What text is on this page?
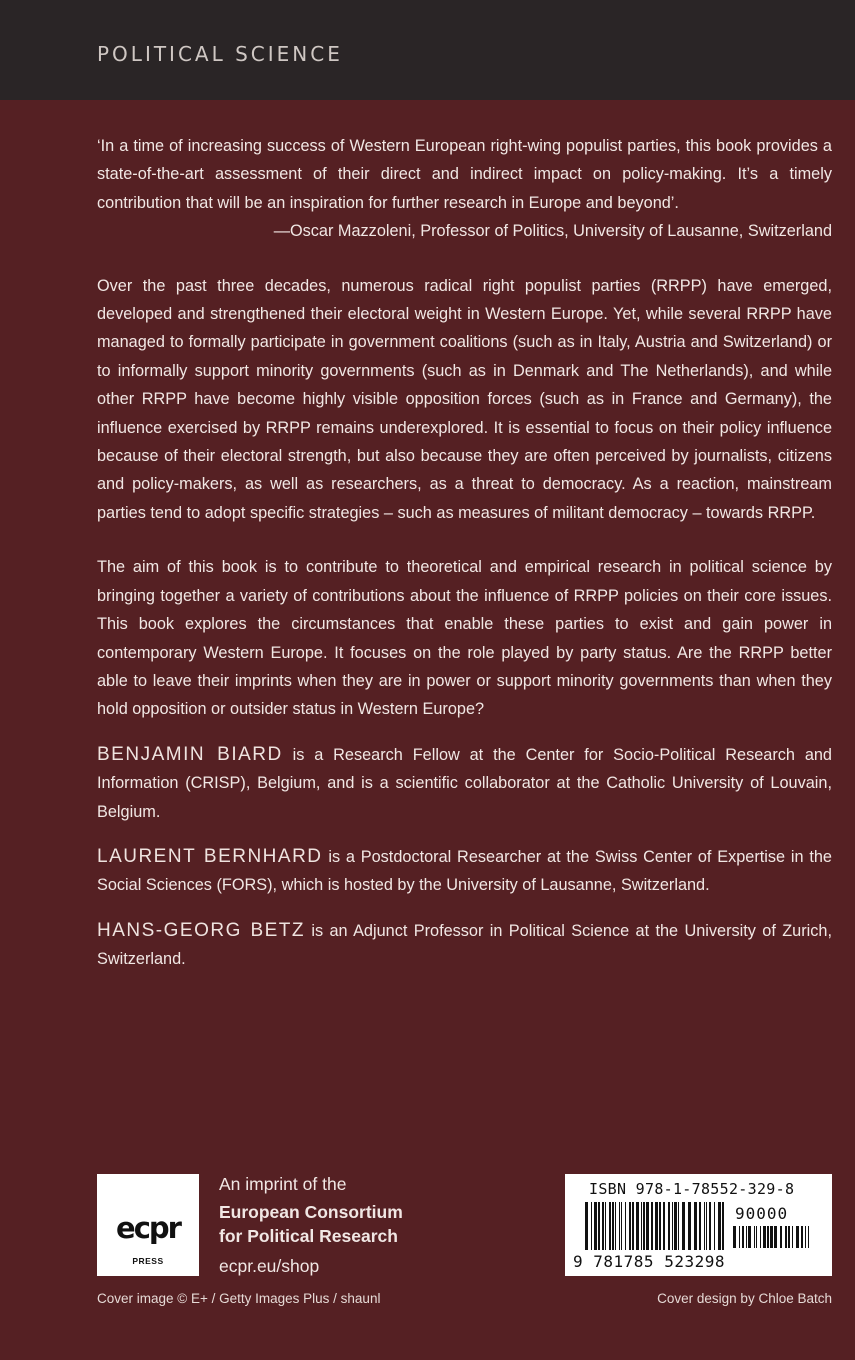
POLITICAL SCIENCE

‘In a time of increasing success of Western European right-wing populist parties, this book provides a state-of-the-art assessment of their direct and indirect impact on policy-making. It’s a timely contribution that will be an inspiration for further research in Europe and beyond’.

—Oscar Mazzoleni, Professor of Politics, University of Lausanne, Switzerland

Over the past three decades, numerous radical right populist parties (RRPP) have emerged, developed and strengthened their electoral weight in Western Europe. Yet, while several RRPP have managed to formally participate in government coalitions (such as in Italy, Austria and Switzerland) or to informally support minority governments (such as in Denmark and The Netherlands), and while other RRPP have become highly visible opposition forces (such as in France and Germany), the influence exercised by RRPP remains underexplored. It is essential to focus on their policy influence because of their electoral strength, but also because they are often perceived by journalists, citizens and policy-makers, as well as researchers, as a threat to democracy. As a reaction, mainstream parties tend to adopt specific strategies – such as measures of militant democracy – towards RRPP.

The aim of this book is to contribute to theoretical and empirical research in political science by bringing together a variety of contributions about the influence of RRPP policies on their core issues. This book explores the circumstances that enable these parties to exist and gain power in contemporary Western Europe. It focuses on the role played by party status. Are the RRPP better able to leave their imprints when they are in power or support minority governments than when they hold opposition or outsider status in Western Europe?

BENJAMIN BIARD is a Research Fellow at the Center for Socio-Political Research and Information (CRISP), Belgium, and is a scientific collaborator at the Catholic University of Louvain, Belgium.

LAURENT BERNHARD is a Postdoctoral Researcher at the Swiss Center of Expertise in the Social Sciences (FORS), which is hosted by the University of Lausanne, Switzerland.

HANS-GEORG BETZ is an Adjunct Professor in Political Science at the University of Zurich, Switzerland.

ecpr
PRESS
An imprint of the
European Consortium
for Political Research
ecpr.eu/shop
ISBN 978-1-78552-329-8
90000
9 781785 523298
Cover image © E+ / Getty Images Plus / shaunl	Cover design by Chloe Batch
